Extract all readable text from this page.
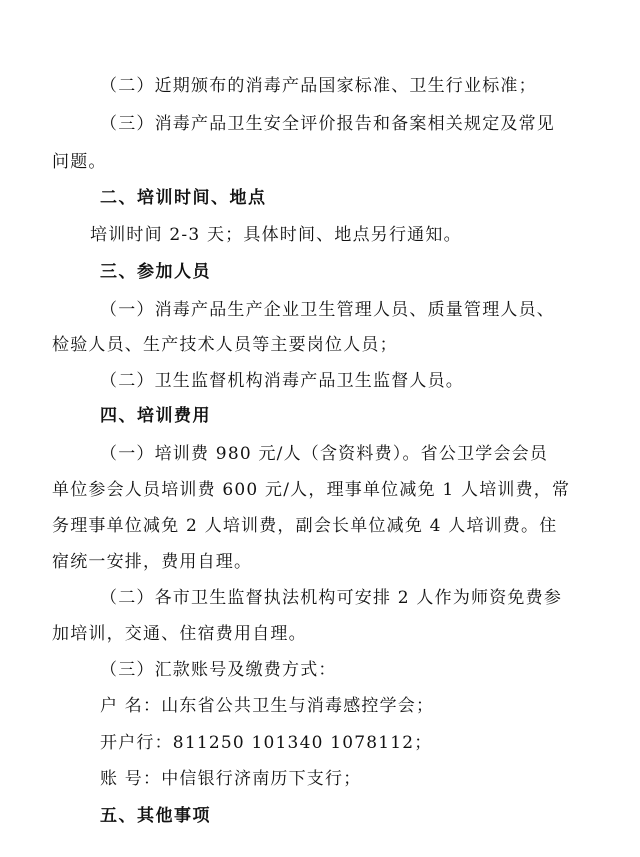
（二）近期颁布的消毒产品国家标准、卫生行业标准；
（三）消毒产品卫生安全评价报告和备案相关规定及常见
问题。
二、培训时间、地点
培训时间 2-3 天；具体时间、地点另行通知。
三、参加人员
（一）消毒产品生产企业卫生管理人员、质量管理人员、
检验人员、生产技术人员等主要岗位人员；
（二）卫生监督机构消毒产品卫生监督人员。
四、培训费用
（一）培训费 980 元/人（含资料费）。省公卫学会会员
单位参会人员培训费 600 元/人，理事单位减免 1 人培训费，常
务理事单位减免 2 人培训费，副会长单位减免 4 人培训费。住
宿统一安排，费用自理。
（二）各市卫生监督执法机构可安排 2 人作为师资免费参
加培训，交通、住宿费用自理。
（三）汇款账号及缴费方式：
户 名：山东省公共卫生与消毒感控学会；
开户行：811250 101340 1078112；
账 号：中信银行济南历下支行；
五、其他事项
